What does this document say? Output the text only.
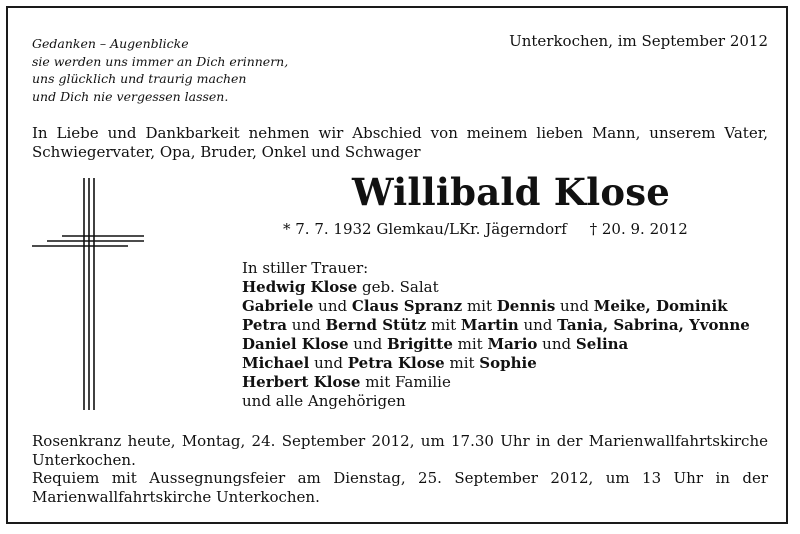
Gedanken – Augenblicke
sie werden uns immer an Dich erinnern,
uns glücklich und traurig machen
und Dich nie vergessen lassen.
Unterkochen, im September 2012
In Liebe und Dankbarkeit nehmen wir Abschied von meinem lieben Mann, unserem Vater, Schwiegervater, Opa, Bruder, Onkel und Schwager
Willibald Klose
* 7. 7. 1932 Glemkau/LKr. Jägerndorf † 20. 9. 2012
In stiller Trauer:
Hedwig Klose geb. Salat
Gabriele und Claus Spranz mit Dennis und Meike, Dominik
Petra und Bernd Stütz mit Martin und Tania, Sabrina, Yvonne
Daniel Klose und Brigitte mit Mario und Selina
Michael und Petra Klose mit Sophie
Herbert Klose mit Familie
und alle Angehörigen

Rosenkranz heute, Montag, 24. September 2012, um 17.30 Uhr in der Marienwallfahrtskirche Unterkochen.

Requiem mit Aussegnungsfeier am Dienstag, 25. September 2012, um 13 Uhr in der Marienwallfahrtskirche Unterkochen.
